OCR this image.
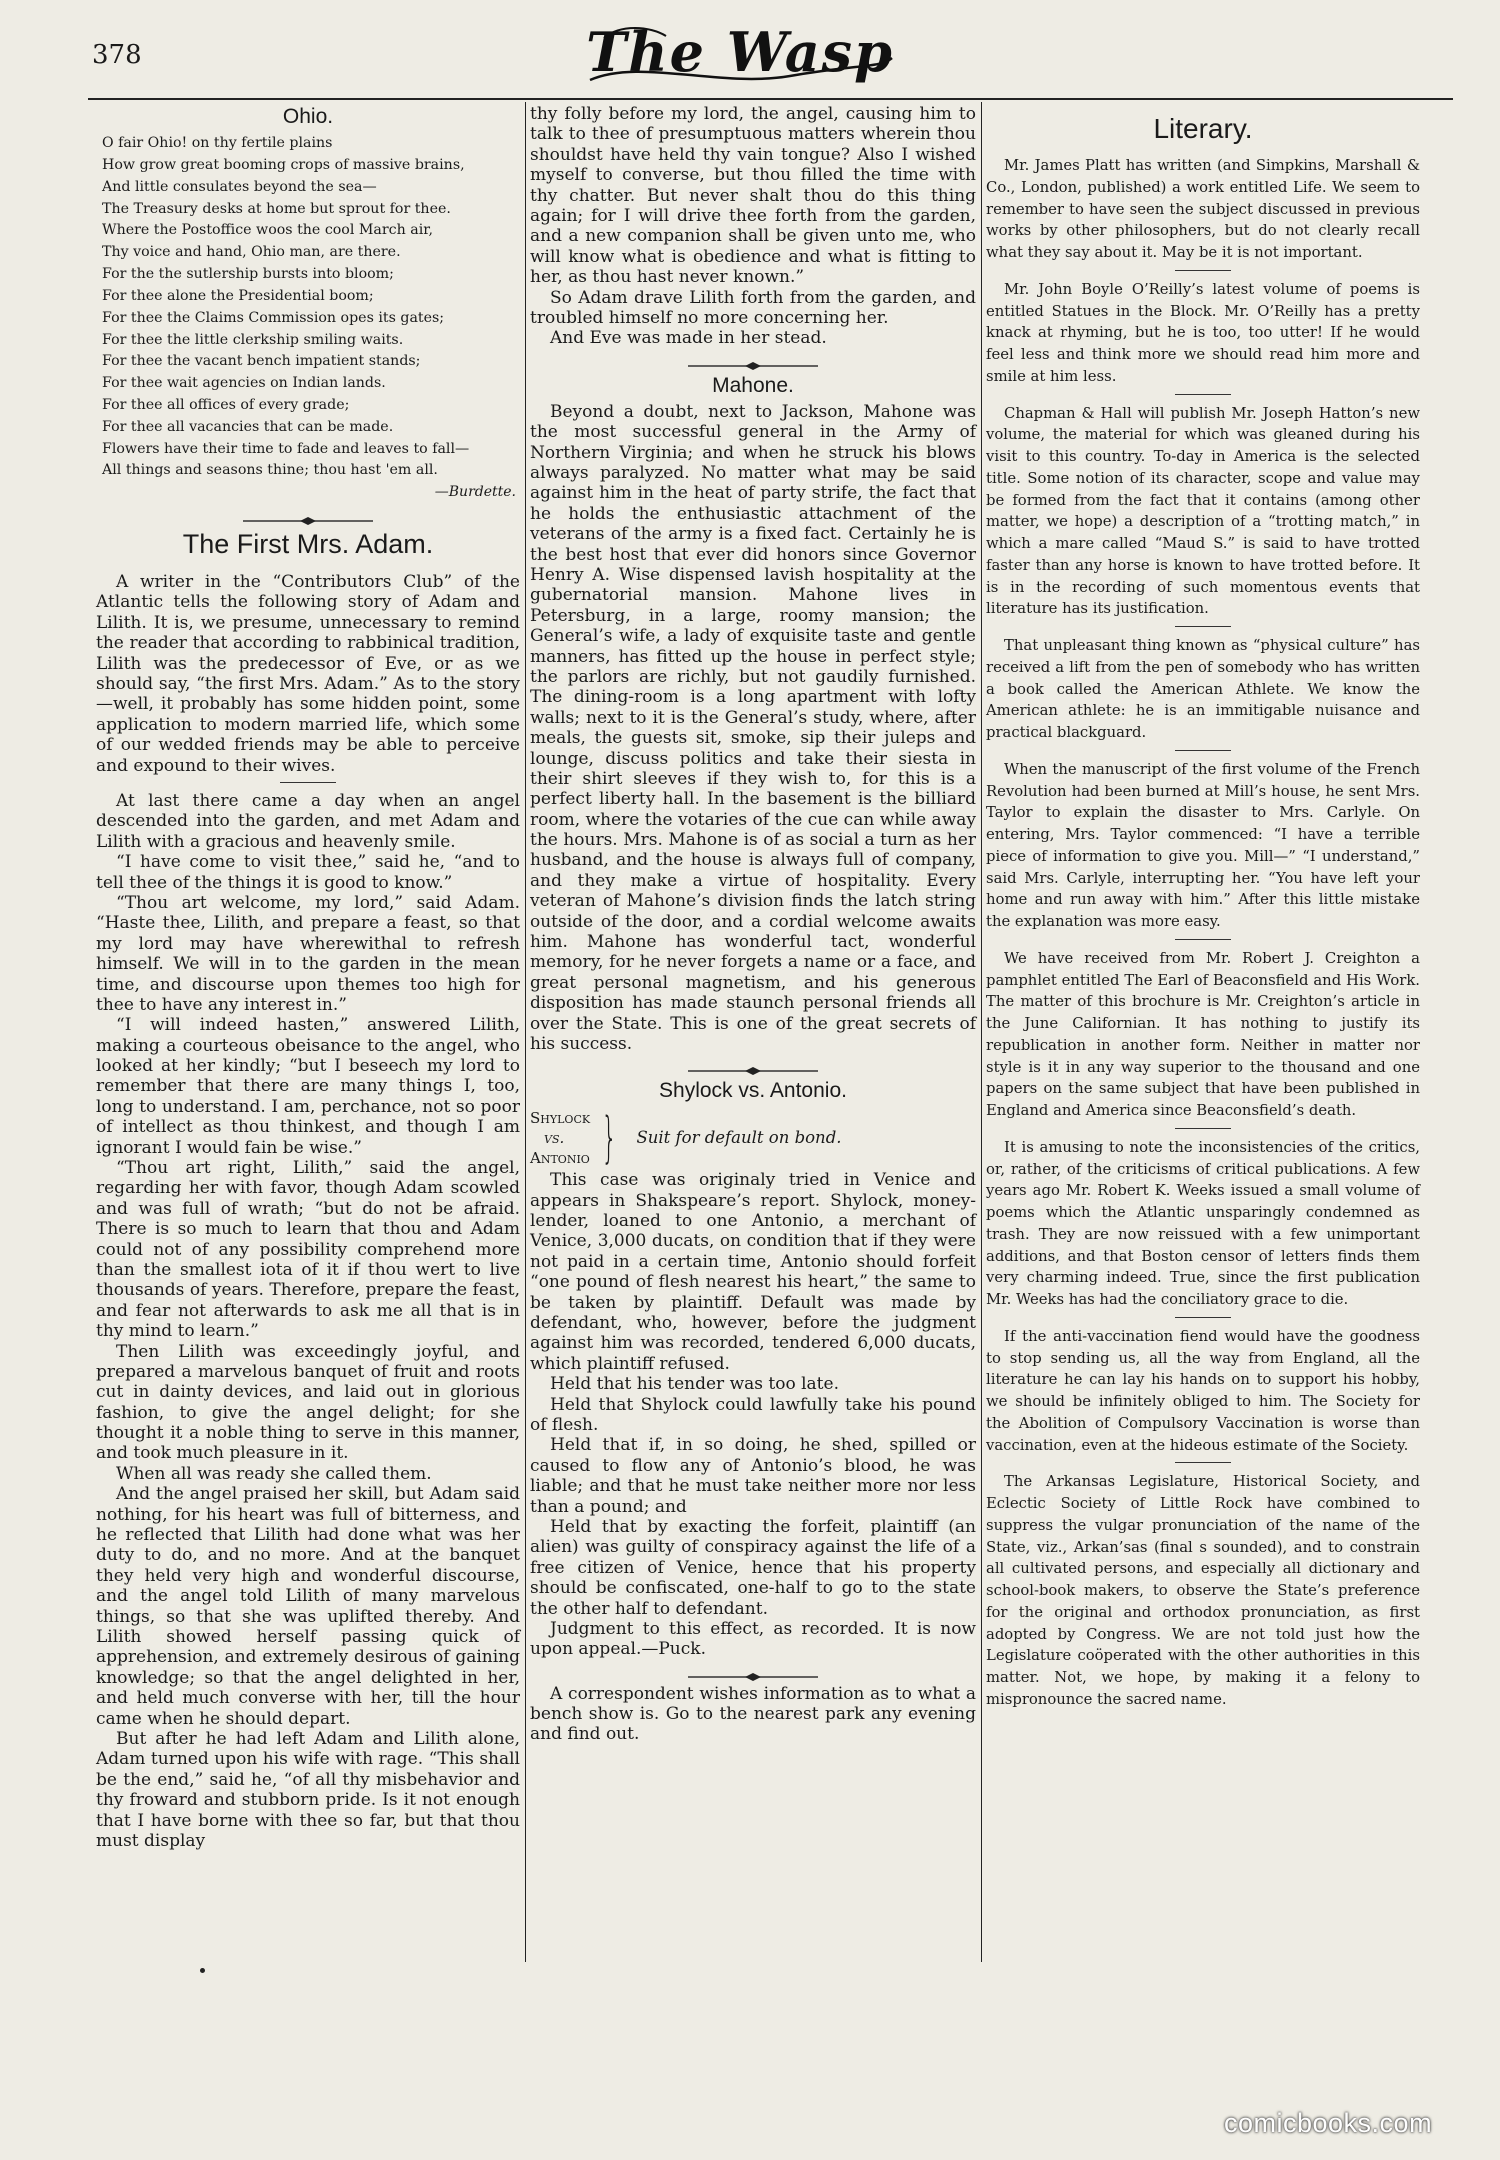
378	The Wasp
Ohio.
O fair Ohio! on thy fertile plains
How grow great booming crops of massive brains,
And little consulates beyond the sea—
The Treasury desks at home but sprout for thee.
Where the Postoffice woos the cool March air,
Thy voice and hand, Ohio man, are there.
For the the sutlership bursts into bloom;
For thee alone the Presidential boom;
For thee the Claims Commission opes its gates;
For thee the little clerkship smiling waits.
For thee the vacant bench impatient stands;
For thee wait agencies on Indian lands.
For thee all offices of every grade;
For thee all vacancies that can be made.
Flowers have their time to fade and leaves to fall—
All things and seasons thine; thou hast 'em all.
—Burdette.
The First Mrs. Adam.

A writer in the “Contributors Club” of the Atlantic tells the following story of Adam and Lilith. It is, we presume, unnecessary to remind the reader that according to rabbinical tradition, Lilith was the predecessor of Eve, or as we should say, “the first Mrs. Adam.” As to the story—well, it probably has some hidden point, some application to modern married life, which some of our wedded friends may be able to perceive and expound to their wives.

At last there came a day when an angel descended into the garden, and met Adam and Lilith with a gracious and heavenly smile.

“I have come to visit thee,” said he, “and to tell thee of the things it is good to know.”

“Thou art welcome, my lord,” said Adam. “Haste thee, Lilith, and prepare a feast, so that my lord may have wherewithal to refresh himself. We will in to the garden in the mean time, and discourse upon themes too high for thee to have any interest in.”

“I will indeed hasten,” answered Lilith, making a courteous obeisance to the angel, who looked at her kindly; “but I beseech my lord to remember that there are many things I, too, long to understand. I am, perchance, not so poor of intellect as thou thinkest, and though I am ignorant I would fain be wise.”

“Thou art right, Lilith,” said the angel, regarding her with favor, though Adam scowled and was full of wrath; “but do not be afraid. There is so much to learn that thou and Adam could not of any possibility comprehend more than the smallest iota of it if thou wert to live thousands of years. Therefore, prepare the feast, and fear not afterwards to ask me all that is in thy mind to learn.”

Then Lilith was exceedingly joyful, and prepared a marvelous banquet of fruit and roots cut in dainty devices, and laid out in glorious fashion, to give the angel delight; for she thought it a noble thing to serve in this manner, and took much pleasure in it.

When all was ready she called them.

And the angel praised her skill, but Adam said nothing, for his heart was full of bitterness, and he reflected that Lilith had done what was her duty to do, and no more. And at the banquet they held very high and wonderful discourse, and the angel told Lilith of many marvelous things, so that she was uplifted thereby. And Lilith showed herself passing quick of apprehension, and extremely desirous of gaining knowledge; so that the angel delighted in her, and held much converse with her, till the hour came when he should depart.

But after he had left Adam and Lilith alone, Adam turned upon his wife with rage. “This shall be the end,” said he, “of all thy misbehavior and thy froward and stubborn pride. Is it not enough that I have borne with thee so far, but that thou must display

thy folly before my lord, the angel, causing him to talk to thee of presumptuous matters wherein thou shouldst have held thy vain tongue? Also I wished myself to converse, but thou filled the time with thy chatter. But never shalt thou do this thing again; for I will drive thee forth from the garden, and a new companion shall be given unto me, who will know what is obedience and what is fitting to her, as thou hast never known.”

So Adam drave Lilith forth from the garden, and troubled himself no more concerning her.

And Eve was made in her stead.

Mahone.

Beyond a doubt, next to Jackson, Mahone was the most successful general in the Army of Northern Virginia; and when he struck his blows always paralyzed. No matter what may be said against him in the heat of party strife, the fact that he holds the enthusiastic attachment of the veterans of the army is a fixed fact. Certainly he is the best host that ever did honors since Governor Henry A. Wise dispensed lavish hospitality at the gubernatorial mansion. Mahone lives in Petersburg, in a large, roomy mansion; the General’s wife, a lady of exquisite taste and gentle manners, has fitted up the house in perfect style; the parlors are richly, but not gaudily furnished. The dining-room is a long apartment with lofty walls; next to it is the General’s study, where, after meals, the guests sit, smoke, sip their juleps and lounge, discuss politics and take their siesta in their shirt sleeves if they wish to, for this is a perfect liberty hall. In the basement is the billiard room, where the votaries of the cue can while away the hours. Mrs. Mahone is of as social a turn as her husband, and the house is always full of company, and they make a virtue of hospitality. Every veteran of Mahone’s division finds the latch string outside of the door, and a cordial welcome awaits him. Mahone has wonderful tact, wonderful memory, for he never forgets a name or a face, and great personal magnetism, and his generous disposition has made staunch personal friends all over the State. This is one of the great secrets of his success.

Shylock vs. Antonio.
Shylock
vs.
Antonio } Suit for default on bond.

This case was originaly tried in Venice and appears in Shakspeare’s report. Shylock, money-lender, loaned to one Antonio, a merchant of Venice, 3,000 ducats, on condition that if they were not paid in a certain time, Antonio should forfeit “one pound of flesh nearest his heart,” the same to be taken by plaintiff. Default was made by defendant, who, however, before the judgment against him was recorded, tendered 6,000 ducats, which plaintiff refused.

Held that his tender was too late.

Held that Shylock could lawfully take his pound of flesh.

Held that if, in so doing, he shed, spilled or caused to flow any of Antonio’s blood, he was liable; and that he must take neither more nor less than a pound; and

Held that by exacting the forfeit, plaintiff (an alien) was guilty of conspiracy against the life of a free citizen of Venice, hence that his property should be confiscated, one-half to go to the state the other half to defendant.

Judgment to this effect, as recorded. It is now upon appeal.—Puck.

A correspondent wishes information as to what a bench show is. Go to the nearest park any evening and find out.

Literary.

Mr. James Platt has written (and Simpkins, Marshall & Co., London, published) a work entitled Life. We seem to remember to have seen the subject discussed in previous works by other philosophers, but do not clearly recall what they say about it. May be it is not important.

Mr. John Boyle O’Reilly’s latest volume of poems is entitled Statues in the Block. Mr. O’Reilly has a pretty knack at rhyming, but he is too, too utter! If he would feel less and think more we should read him more and smile at him less.

Chapman & Hall will publish Mr. Joseph Hatton’s new volume, the material for which was gleaned during his visit to this country. To-day in America is the selected title. Some notion of its character, scope and value may be formed from the fact that it contains (among other matter, we hope) a description of a “trotting match,” in which a mare called “Maud S.” is said to have trotted faster than any horse is known to have trotted before. It is in the recording of such momentous events that literature has its justification.

That unpleasant thing known as “physical culture” has received a lift from the pen of somebody who has written a book called the American Athlete. We know the American athlete: he is an immitigable nuisance and practical blackguard.

When the manuscript of the first volume of the French Revolution had been burned at Mill’s house, he sent Mrs. Taylor to explain the disaster to Mrs. Carlyle. On entering, Mrs. Taylor commenced: “I have a terrible piece of information to give you. Mill—” “I understand,” said Mrs. Carlyle, interrupting her. “You have left your home and run away with him.” After this little mistake the explanation was more easy.

We have received from Mr. Robert J. Creighton a pamphlet entitled The Earl of Beaconsfield and His Work. The matter of this brochure is Mr. Creighton’s article in the June Californian. It has nothing to justify its republication in another form. Neither in matter nor style is it in any way superior to the thousand and one papers on the same subject that have been published in England and America since Beaconsfield’s death.

It is amusing to note the inconsistencies of the critics, or, rather, of the criticisms of critical publications. A few years ago Mr. Robert K. Weeks issued a small volume of poems which the Atlantic unsparingly condemned as trash. They are now reissued with a few unimportant additions, and that Boston censor of letters finds them very charming indeed. True, since the first publication Mr. Weeks has had the conciliatory grace to die.

If the anti-vaccination fiend would have the goodness to stop sending us, all the way from England, all the literature he can lay his hands on to support his hobby, we should be infinitely obliged to him. The Society for the Abolition of Compulsory Vaccination is worse than vaccination, even at the hideous estimate of the Society.

The Arkansas Legislature, Historical Society, and Eclectic Society of Little Rock have combined to suppress the vulgar pronunciation of the name of the State, viz., Arkan’sas (final s sounded), and to constrain all cultivated persons, and especially all dictionary and school-book makers, to observe the State’s preference for the original and orthodox pronunciation, as first adopted by Congress. We are not told just how the Legislature coöperated with the other authorities in this matter. Not, we hope, by making it a felony to mispronounce the sacred name.

comicbooks.com
